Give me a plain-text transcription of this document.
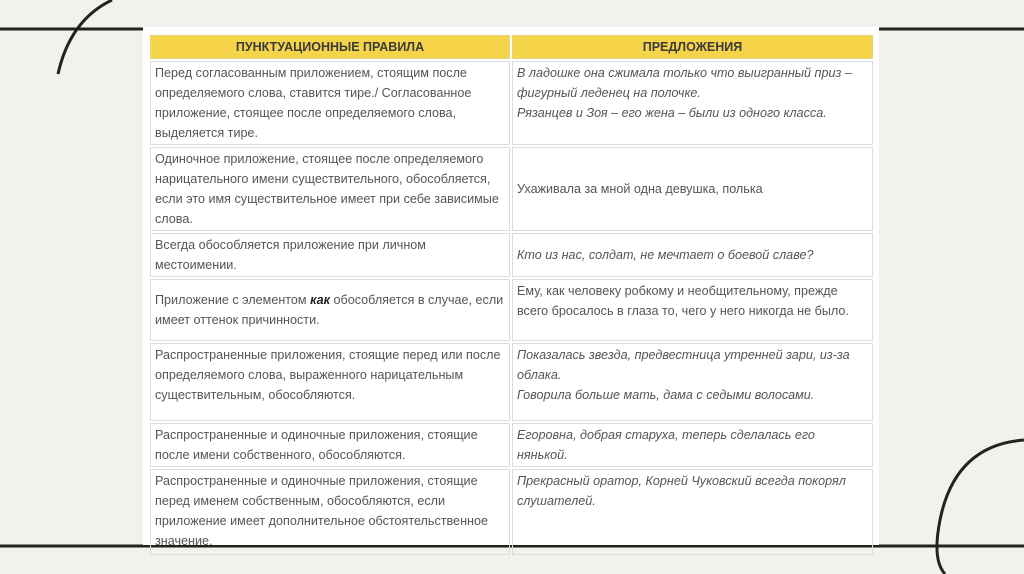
ПУНКТУАЦИОННЫЕ ПРАВИЛА	ПРЕДЛОЖЕНИЯ
Перед согласованным приложением, стоящим после определяемого слова, ставится тире./ Согласованное приложение, стоящее после определяемого слова, выделяется тире.	В ладошке она сжимала только что выигранный приз – фигурный леденец на полочке.
Рязанцев и Зоя – его жена – были из одного класса.

Одиночное приложение, стоящее после определяемого нарицательного имени существительного, обособляется, если это имя существительное имеет при себе зависимые слова.	Ухаживала за мной одна девушка, полька

Всегда обособляется приложение при личном местоимении.	Кто из нас, солдат, не мечтает о боевой славе?

Приложение с элементом как обособляется в случае, если имеет оттенок причинности.	Ему, как человеку робкому и необщительному, прежде всего бросалось в глаза то, чего у него никогда не было.

Распространенные приложения, стоящие перед или после определяемого слова, выраженного нарицательным существительным, обособляются.	Показалась звезда, предвестница утренней зари, из-за облака.
Говорила больше мать, дама с седыми волосами.

Распространенные и одиночные приложения, стоящие после имени собственного, обособляются.	Егоровна, добрая старуха, теперь сделалась его нянькой.

Распространенные и одиночные приложения, стоящие перед именем собственным, обособляются, если приложение имеет дополнительное обстоятельственное значение.	Прекрасный оратор, Корней Чуковский всегда покорял слушателей.
